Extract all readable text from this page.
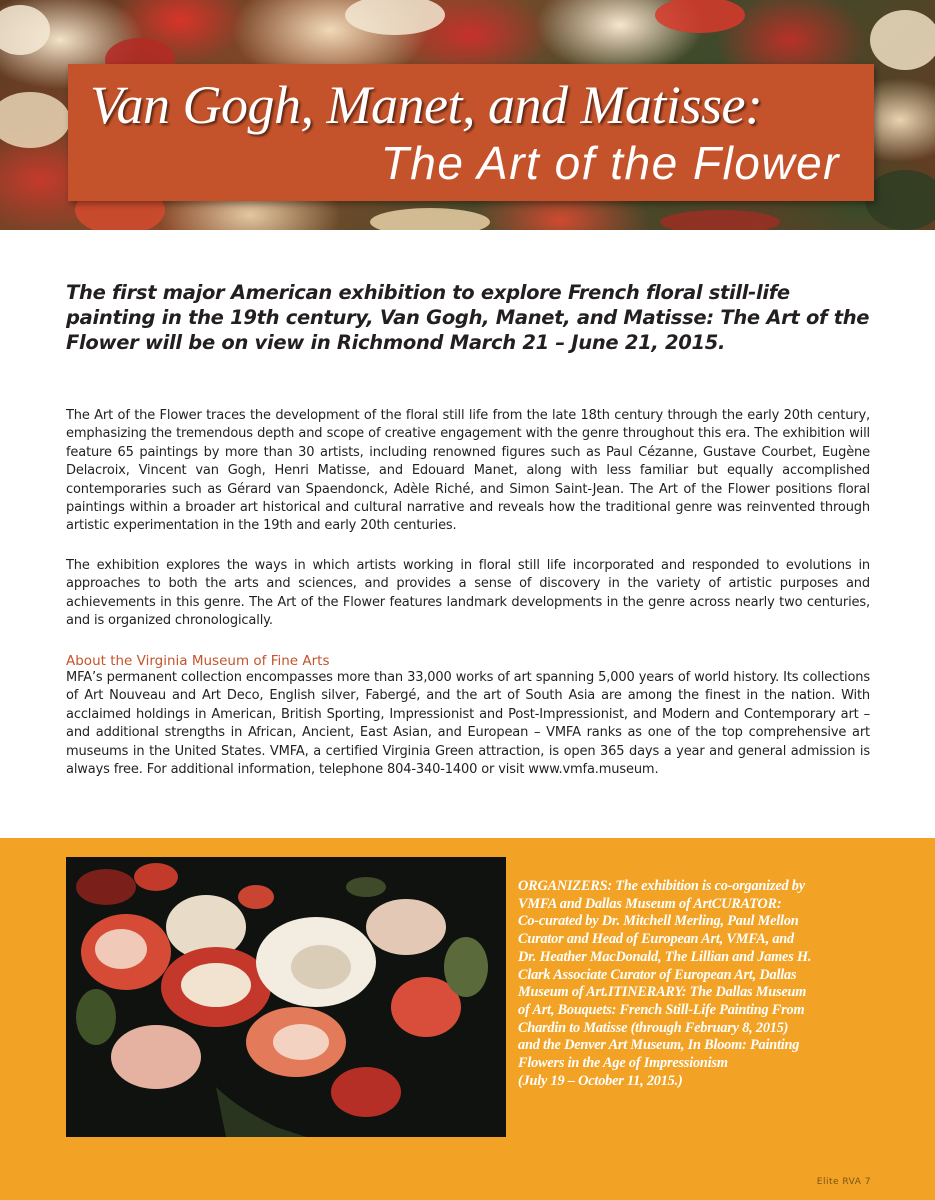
Van Gogh, Manet, and Matisse:
The Art of the Flower
The first major American exhibition to explore French floral still-life painting in the 19th century, Van Gogh, Manet, and Matisse: The Art of the Flower will be on view in Richmond March 21 – June 21, 2015.

The Art of the Flower traces the development of the floral still life from the late 18th century through the early 20th century, emphasizing the tremendous depth and scope of creative engagement with the genre throughout this era. The exhibition will feature 65 paintings by more than 30 artists, including renowned figures such as Paul Cézanne, Gustave Courbet, Eugène Delacroix, Vincent van Gogh, Henri Matisse, and Edouard Manet, along with less familiar but equally accomplished contemporaries such as Gérard van Spaendonck, Adèle Riché, and Simon Saint-Jean. The Art of the Flower positions floral paintings within a broader art historical and cultural narrative and reveals how the traditional genre was reinvented through artistic experimentation in the 19th and early 20th centuries.

The exhibition explores the ways in which artists working in floral still life incorporated and responded to evolutions in approaches to both the arts and sciences, and provides a sense of discovery in the variety of artistic purposes and achievements in this genre. The Art of the Flower features landmark developments in the genre across nearly two centuries, and is organized chronologically.

About the Virginia Museum of Fine Arts

MFA’s permanent collection encompasses more than 33,000 works of art spanning 5,000 years of world history. Its collections of Art Nouveau and Art Deco, English silver, Fabergé, and the art of South Asia are among the finest in the nation. With acclaimed holdings in American, British Sporting, Impressionist and Post-Impressionist, and Modern and Contemporary art – and additional strengths in African, Ancient, East Asian, and European – VMFA ranks as one of the top comprehensive art museums in the United States. VMFA, a certified Virginia Green attraction, is open 365 days a year and general admission is always free. For additional information, telephone 804-340-1400 or visit www.vmfa.museum.

ORGANIZERS: The exhibition is co-organized by
VMFA and Dallas Museum of ArtCURATOR:
Co-curated by Dr. Mitchell Merling, Paul Mellon
Curator and Head of European Art, VMFA, and
Dr. Heather MacDonald, The Lillian and James H.
Clark Associate Curator of European Art, Dallas
Museum of Art.ITINERARY: The Dallas Museum
of Art, Bouquets: French Still-Life Painting From
Chardin to Matisse (through February 8, 2015)
and the Denver Art Museum, In Bloom: Painting
Flowers in the Age of Impressionism
(July 19 – October 11, 2015.)
Elite RVA 7
